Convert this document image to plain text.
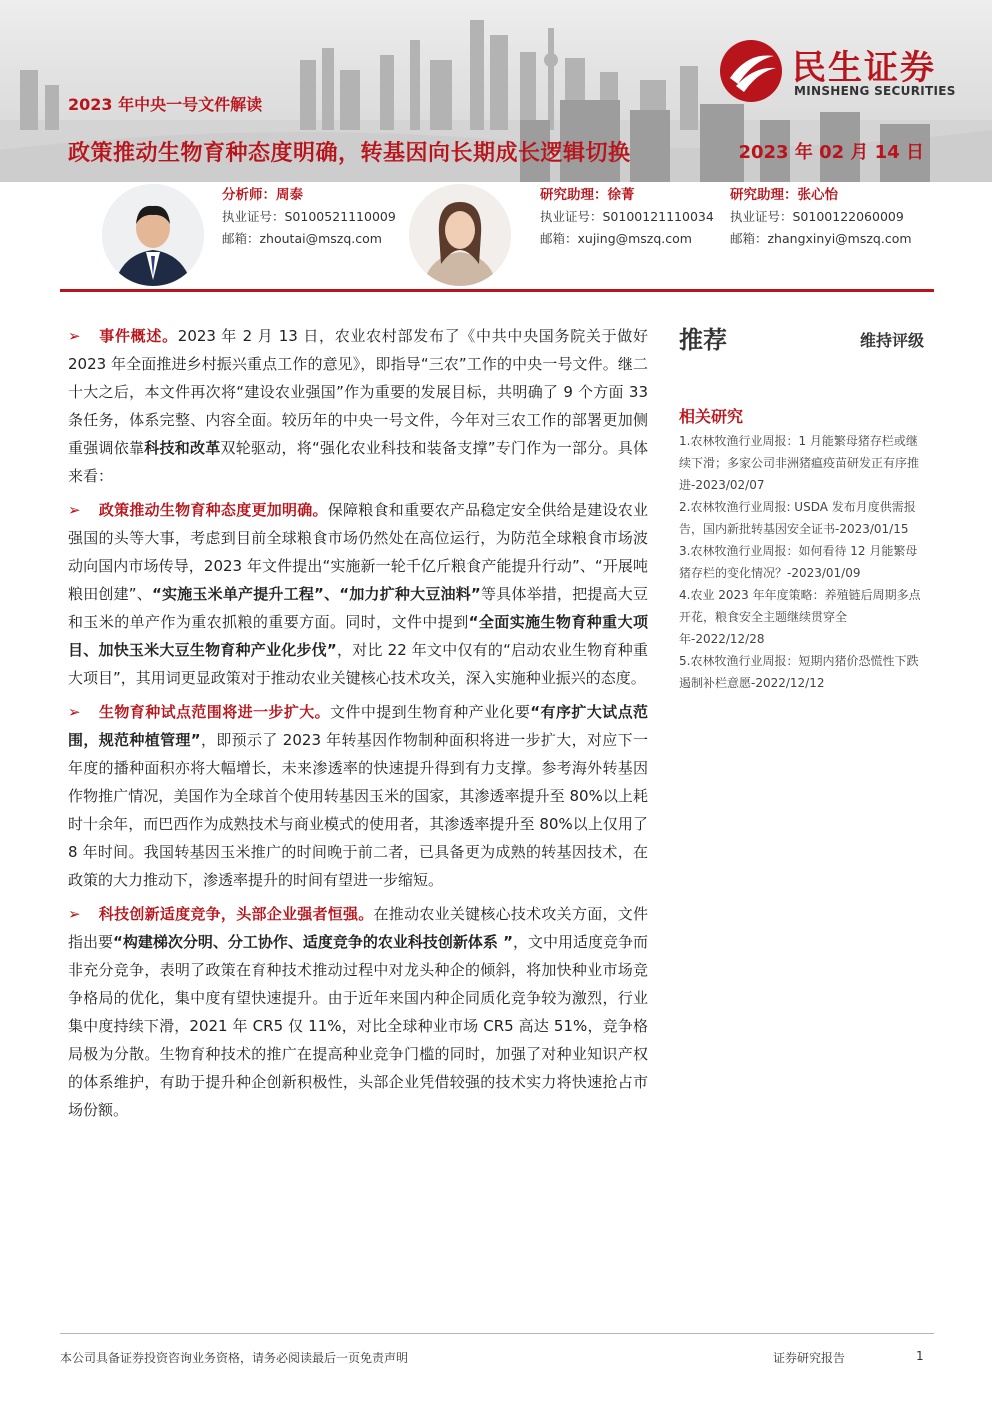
2023 年中央一号文件解读
政策推动生物育种态度明确，转基因向长期成长逻辑切换	2023 年 02 月 14 日
民生证券
MINSHENG SECURITIES
分析师：周泰
执业证号：S0100521110009
邮箱：zhoutai@mszq.com
研究助理：徐菁
执业证号：S0100121110034
邮箱：xujing@mszq.com
研究助理：张心怡
执业证号：S0100122060009
邮箱：zhangxinyi@mszq.com

➢ 事件概述。2023 年 2 月 13 日，农业农村部发布了《中共中央国务院关于做好 2023 年全面推进乡村振兴重点工作的意见》，即指导“三农”工作的中央一号文件。继二十大之后，本文件再次将“建设农业强国”作为重要的发展目标，共明确了 9 个方面 33 条任务，体系完整、内容全面。较历年的中央一号文件，今年对三农工作的部署更加侧重强调依靠科技和改革双轮驱动，将“强化农业科技和装备支撑”专门作为一部分。具体来看：

➢ 政策推动生物育种态度更加明确。保障粮食和重要农产品稳定安全供给是建设农业强国的头等大事，考虑到目前全球粮食市场仍然处在高位运行，为防范全球粮食市场波动向国内市场传导，2023 年文件提出“实施新一轮千亿斤粮食产能提升行动”、“开展吨粮田创建”、“实施玉米单产提升工程”、“加力扩种大豆油料”等具体举措，把提高大豆和玉米的单产作为重农抓粮的重要方面。同时，文件中提到“全面实施生物育种重大项目、加快玉米大豆生物育种产业化步伐”，对比 22 年文中仅有的“启动农业生物育种重大项目”，其用词更显政策对于推动农业关键核心技术攻关，深入实施种业振兴的态度。

➢ 生物育种试点范围将进一步扩大。文件中提到生物育种产业化要“有序扩大试点范围，规范种植管理”，即预示了 2023 年转基因作物制种面积将进一步扩大，对应下一年度的播种面积亦将大幅增长，未来渗透率的快速提升得到有力支撑。参考海外转基因作物推广情况，美国作为全球首个使用转基因玉米的国家，其渗透率提升至 80%以上耗时十余年，而巴西作为成熟技术与商业模式的使用者，其渗透率提升至 80%以上仅用了 8 年时间。我国转基因玉米推广的时间晚于前二者，已具备更为成熟的转基因技术，在政策的大力推动下，渗透率提升的时间有望进一步缩短。

➢ 科技创新适度竞争，头部企业强者恒强。在推动农业关键核心技术攻关方面，文件指出要“构建梯次分明、分工协作、适度竞争的农业科技创新体系 ”，文中用适度竞争而非充分竞争，表明了政策在育种技术推动过程中对龙头种企的倾斜，将加快种业市场竞争格局的优化，集中度有望快速提升。由于近年来国内种企同质化竞争较为激烈，行业集中度持续下滑，2021 年 CR5 仅 11%，对比全球种业市场 CR5 高达 51%，竞争格局极为分散。生物育种技术的推广在提高种业竞争门槛的同时，加强了对种业知识产权的体系维护，有助于提升种企创新积极性，头部企业凭借较强的技术实力将快速抢占市场份额。

推荐	维持评级
相关研究
1.农林牧渔行业周报：1 月能繁母猪存栏或继续下滑；多家公司非洲猪瘟疫苗研发正有序推进-2023/02/07
2.农林牧渔行业周报: USDA 发布月度供需报告，国内新批转基因安全证书-2023/01/15
3.农林牧渔行业周报：如何看待 12 月能繁母猪存栏的变化情况？-2023/01/09
4.农业 2023 年年度策略：养殖链后周期多点开花，粮食安全主题继续贯穿全年-2022/12/28
5.农林牧渔行业周报：短期内猪价恐慌性下跌遏制补栏意愿-2022/12/12
本公司具备证券投资咨询业务资格，请务必阅读最后一页免责声明	证券研究报告	1
